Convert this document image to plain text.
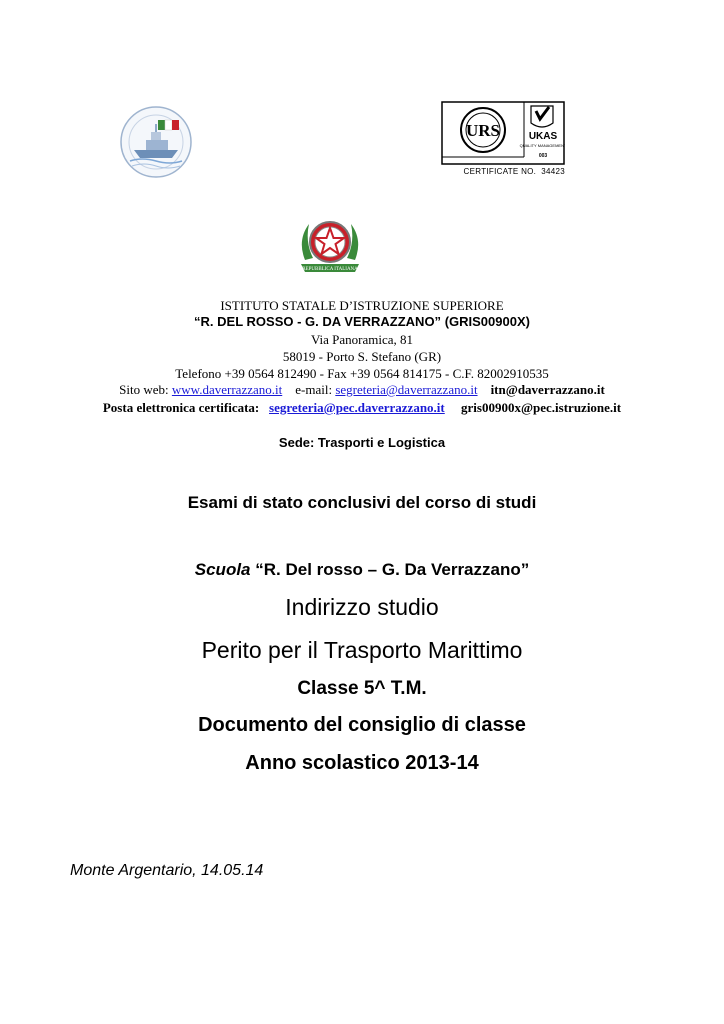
URS	UKAS
QUALITY MANAGEMENT
003
CERTIFICATE NO. 34423
REPUBBLICA ITALIANA
ISTITUTO STATALE D’ISTRUZIONE SUPERIORE
“R. DEL ROSSO - G. DA VERRAZZANO” (GRIS00900X)
Via Panoramica, 81
58019 - Porto S. Stefano (GR)
Telefono +39 0564 812490 - Fax +39 0564 814175 - C.F. 82002910535
Sito web: www.daverrazzano.it e-mail: segreteria@daverrazzano.it itn@daverrazzano.it
Posta elettronica certificata: segreteria@pec.daverrazzano.it gris00900x@pec.istruzione.it
Sede: Trasporti e Logistica
Esami di stato conclusivi del corso di studi
Scuola “R. Del rosso – G. Da Verrazzano”
Indirizzo studio
Perito per il Trasporto Marittimo
Classe 5^ T.M.
Documento del consiglio di classe
Anno scolastico 2013-14
Monte Argentario, 14.05.14
